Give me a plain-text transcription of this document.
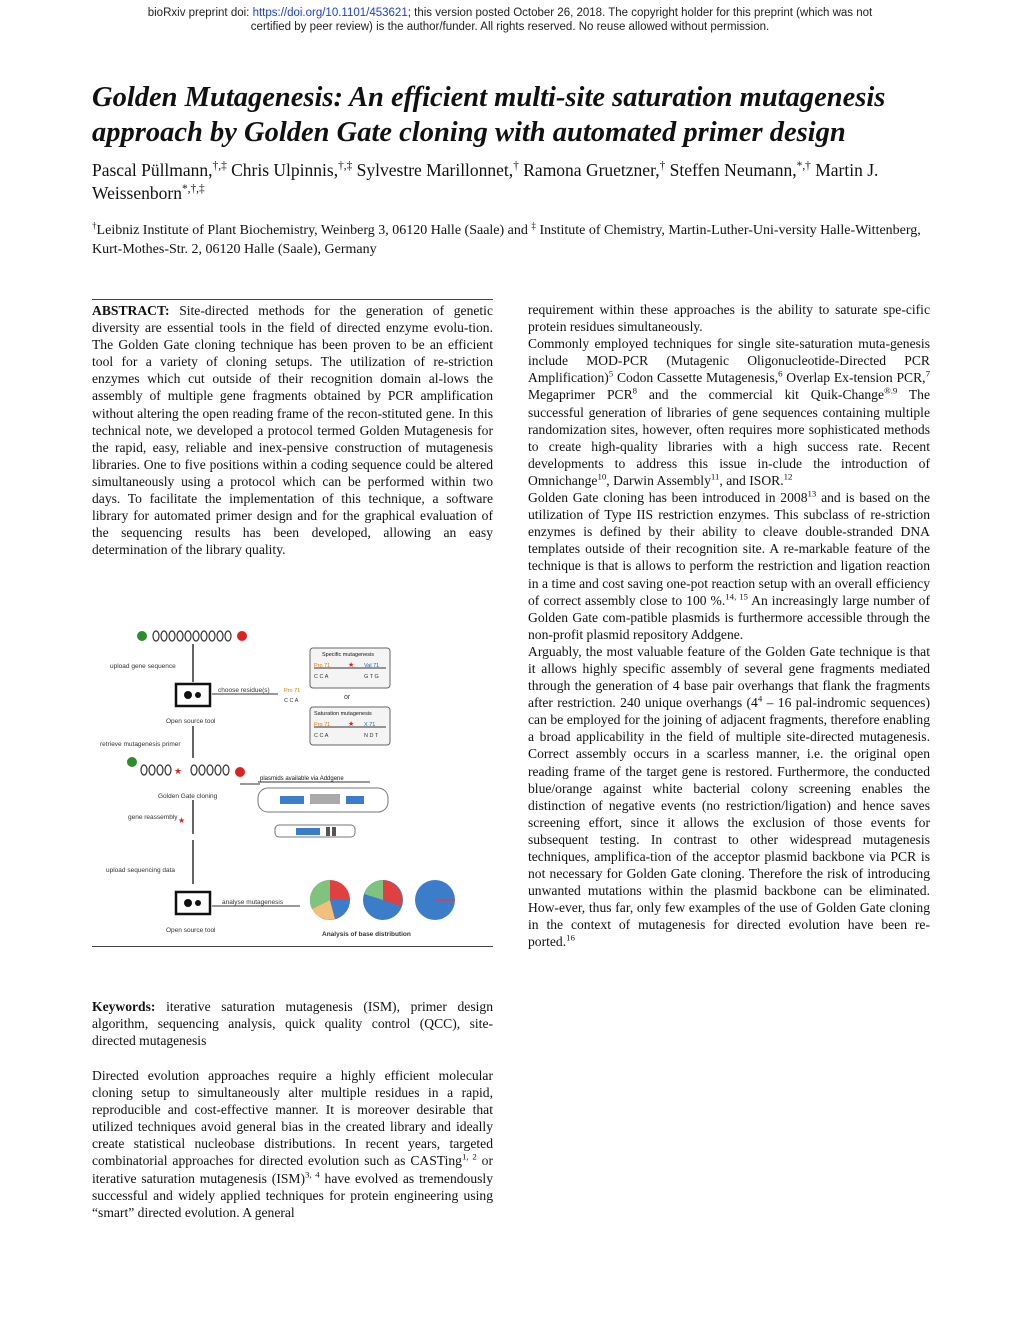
bioRxiv preprint doi: https://doi.org/10.1101/453621; this version posted October 26, 2018. The copyright holder for this preprint (which was not
certified by peer review) is the author/funder. All rights reserved. No reuse allowed without permission.
Golden Mutagenesis: An efficient multi-site saturation mutagenesis approach by Golden Gate cloning with automated primer design
Pascal Püllmann,†,‡ Chris Ulpinnis,†,‡ Sylvestre Marillonnet,† Ramona Gruetzner,† Steffen Neumann,*,† Martin J. Weissenborn*,†,‡
†Leibniz Institute of Plant Biochemistry, Weinberg 3, 06120 Halle (Saale) and ‡ Institute of Chemistry, Martin-Luther-Uni-versity Halle-Wittenberg, Kurt-Mothes-Str. 2, 06120 Halle (Saale), Germany

ABSTRACT: Site-directed methods for the generation of genetic diversity are essential tools in the field of directed enzyme evolu-tion. The Golden Gate cloning technique has been proven to be an efficient tool for a variety of cloning setups. The utilization of re-striction enzymes which cut outside of their recognition domain al-lows the assembly of multiple gene fragments obtained by PCR amplification without altering the open reading frame of the recon-stituted gene. In this technical note, we developed a protocol termed Golden Mutagenesis for the rapid, easy, reliable and inex-pensive construction of mutagenesis libraries. One to five positions within a coding sequence could be altered simultaneously using a protocol which can be performed within two days. To facilitate the implementation of this technique, a software library for automated primer design and for the graphical evaluation of the sequencing results has been developed, allowing an easy determination of the library quality.

upload gene sequence
choose residue(s)	Pro 71
C C A
Open source tool
Specific mutagenesis
Pro 71	★ Val 71
C C A	G T G
or
Saturation mutagenesis
Pro 71	★ X 71
C C A	N D T
retrieve mutagenesis primer
★
Golden Gate cloning
plasmids available via Addgene
gene reassembly ★
upload sequencing data
analyse mutagenesis
Open source tool
Analysis of base distribution

Keywords: iterative saturation mutagenesis (ISM), primer design algorithm, sequencing analysis, quick quality control (QCC), site-directed mutagenesis

Directed evolution approaches require a highly efficient molecular cloning setup to simultaneously alter multiple residues in a rapid, reproducible and cost-effective manner. It is moreover desirable that utilized techniques avoid general bias in the created library and ideally create statistical nucleobase distributions. In recent years, targeted combinatorial approaches for directed evolution such as CASTing$^{1, 2}$ or iterative saturation mutagenesis (ISM)$^{3, 4}$ have evolved as tremendously successful and widely applied techniques for protein engineering using “smart” directed evolution. A general

requirement within these approaches is the ability to saturate spe-cific protein residues simultaneously.

Commonly employed techniques for single site-saturation muta-genesis include MOD-PCR (Mutagenic Oligonucleotide-Directed PCR Amplification)$^5$ Codon Cassette Mutagenesis,$^6$ Overlap Ex-tension PCR,$^7$ Megaprimer PCR$^8$ and the commercial kit Quik-Change$^{®.9}$ The successful generation of libraries of gene sequences containing multiple randomization sites, however, often requires more sophisticated methods to create high-quality libraries with a high success rate. Recent developments to address this issue in-clude the introduction of Omnichange$^{10}$, Darwin Assembly$^{11}$, and ISOR.$^{12}$

Golden Gate cloning has been introduced in 2008$^{13}$ and is based on the utilization of Type IIS restriction enzymes. This subclass of re-striction enzymes is defined by their ability to cleave double-stranded DNA templates outside of their recognition site. A re-markable feature of the technique is that is allows to perform the restriction and ligation reaction in a time and cost saving one-pot reaction setup with an overall efficiency of correct assembly close to 100 %.$^{14, 15}$ An increasingly large number of Golden Gate com-patible plasmids is furthermore accessible through the non-profit plasmid repository Addgene.

Arguably, the most valuable feature of the Golden Gate technique is that it allows highly specific assembly of several gene fragments mediated through the generation of 4 base pair overhangs that flank the fragments after restriction. 240 unique overhangs ($4^4 - 16$ pal-indromic sequences) can be employed for the joining of adjacent fragments, therefore enabling a broad applicability in the field of multiple site-directed mutagenesis. Correct assembly occurs in a scarless manner, i.e. the original open reading frame of the target gene is restored. Furthermore, the conducted blue/orange against white bacterial colony screening enables the distinction of negative events (no restriction/ligation) and hence saves screening effort, since it allows the exclusion of those events for subsequent testing. In contrast to other widespread mutagenesis techniques, amplifica-tion of the acceptor plasmid backbone via PCR is not necessary for Golden Gate cloning. Therefore the risk of introducing unwanted mutations within the plasmid backbone can be eliminated. How-ever, thus far, only few examples of the use of Golden Gate cloning in the context of mutagenesis for directed evolution have been re-ported.$^{16}$
